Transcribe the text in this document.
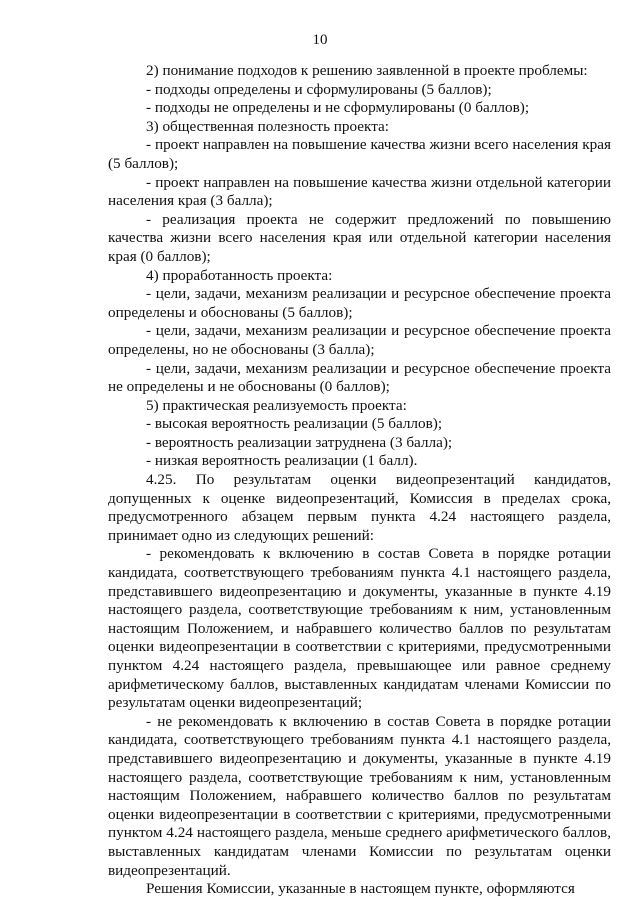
10

2) понимание подходов к решению заявленной в проекте проблемы:

- подходы определены и сформулированы (5 баллов);

- подходы не определены и не сформулированы (0 баллов);

3) общественная полезность проекта:

- проект направлен на повышение качества жизни всего населения края (5 баллов);

- проект направлен на повышение качества жизни отдельной категории населения края (3 балла);

- реализация проекта не содержит предложений по повышению качества жизни всего населения края или отдельной категории населения края (0 баллов);

4) проработанность проекта:

- цели, задачи, механизм реализации и ресурсное обеспечение проекта определены и обоснованы (5 баллов);

- цели, задачи, механизм реализации и ресурсное обеспечение проекта определены, но не обоснованы (3 балла);

- цели, задачи, механизм реализации и ресурсное обеспечение проекта не определены и не обоснованы (0 баллов);

5) практическая реализуемость проекта:

- высокая вероятность реализации (5 баллов);

- вероятность реализации затруднена (3 балла);

- низкая вероятность реализации (1 балл).

4.25. По результатам оценки видеопрезентаций кандидатов, допущенных к оценке видеопрезентаций, Комиссия в пределах срока, предусмотренного абзацем первым пункта 4.24 настоящего раздела, принимает одно из следующих решений:

- рекомендовать к включению в состав Совета в порядке ротации кандидата, соответствующего требованиям пункта 4.1 настоящего раздела, представившего видеопрезентацию и документы, указанные в пункте 4.19 настоящего раздела, соответствующие требованиям к ним, установленным настоящим Положением, и набравшего количество баллов по результатам оценки видеопрезентации в соответствии с критериями, предусмотренными пунктом 4.24 настоящего раздела, превышающее или равное среднему арифметическому баллов, выставленных кандидатам членами Комиссии по результатам оценки видеопрезентаций;

- не рекомендовать к включению в состав Совета в порядке ротации кандидата, соответствующего требованиям пункта 4.1 настоящего раздела, представившего видеопрезентацию и документы, указанные в пункте 4.19 настоящего раздела, соответствующие требованиям к ним, установленным настоящим Положением, набравшего количество баллов по результатам оценки видеопрезентации в соответствии с критериями, предусмотренными пунктом 4.24 настоящего раздела, меньше среднего арифметического баллов, выставленных кандидатам членами Комиссии по результатам оценки видеопрезентаций.

Решения Комиссии, указанные в настоящем пункте, оформляются
